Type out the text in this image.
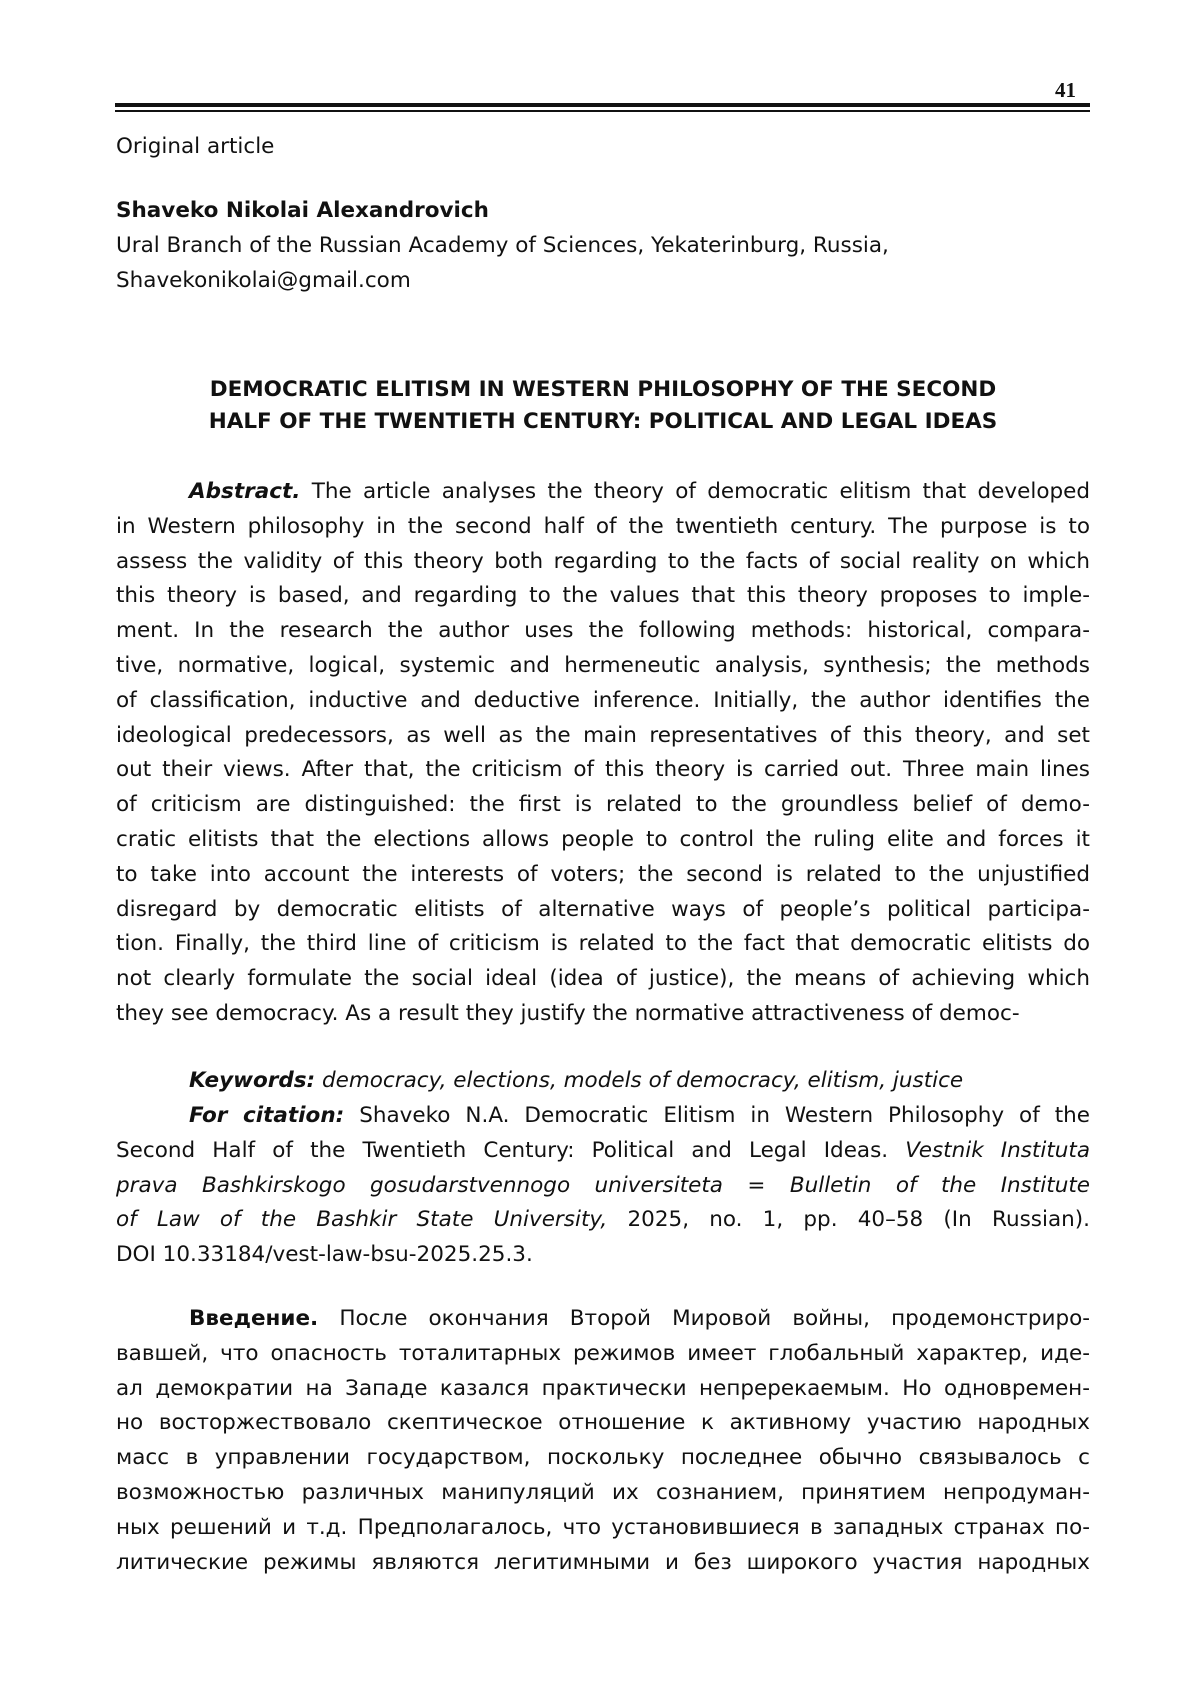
41
Original article
Shaveko Nikolai Alexandrovich
Ural Branch of the Russian Academy of Sciences, Yekaterinburg, Russia,
Shavekonikolai@gmail.com
DEMOCRATIC ELITISM IN WESTERN PHILOSOPHY OF THE SECOND
HALF OF THE TWENTIETH CENTURY: POLITICAL AND LEGAL IDEAS
Abstract. The article analyses the theory of democratic elitism that developed
in Western philosophy in the second half of the twentieth century. The purpose is to
assess the validity of this theory both regarding to the facts of social reality on which
this theory is based, and regarding to the values that this theory proposes to imple-
ment. In the research the author uses the following methods: historical, compara-
tive, normative, logical, systemic and hermeneutic analysis, synthesis; the methods
of classification, inductive and deductive inference. Initially, the author identifies the
ideological predecessors, as well as the main representatives of this theory, and set
out their views. After that, the criticism of this theory is carried out. Three main lines
of criticism are distinguished: the first is related to the groundless belief of demo-
cratic elitists that the elections allows people to control the ruling elite and forces it
to take into account the interests of voters; the second is related to the unjustified
disregard by democratic elitists of alternative ways of people’s political participa-
tion. Finally, the third line of criticism is related to the fact that democratic elitists do
not clearly formulate the social ideal (idea of justice), the means of achieving which
they see democracy. As a result they justify the normative attractiveness of democ-
Keywords: democracy, elections, models of democracy, elitism, justice
For citation: Shaveko N.A. Democratic Elitism in Western Philosophy of the
Second Half of the Twentieth Century: Political and Legal Ideas. Vestnik Instituta
prava Bashkirskogo gosudarstvennogo universiteta = Bulletin of the Institute
of Law of the Bashkir State University, 2025, no. 1, pp. 40–58 (In Russian).
DOI 10.33184/vest-law-bsu-2025.25.3.
Введение. После окончания Второй Мировой войны, продемонстриро-
вавшей, что опасность тоталитарных режимов имеет глобальный характер, иде-
ал демократии на Западе казался практически непререкаемым. Но одновремен-
но восторжествовало скептическое отношение к активному участию народных
масс в управлении государством, поскольку последнее обычно связывалось с
возможностью различных манипуляций их сознанием, принятием непродуман-
ных решений и т.д. Предполагалось, что установившиеся в западных странах по-
литические режимы являются легитимными и без широкого участия народных
